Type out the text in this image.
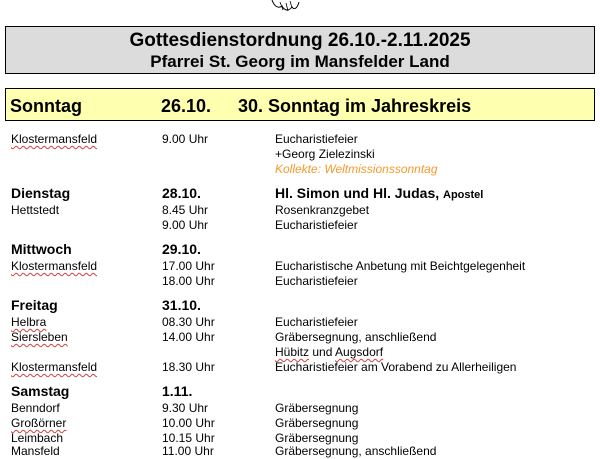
Gottesdienstordnung 26.10.-2.11.2025
Pfarrei St. Georg im Mansfelder Land
Sonntag	26.10. 30. Sonntag im Jahreskreis
Klostermansfeld	9.00 Uhr	Eucharistiefeier
+Georg Zielezinski
Kollekte: Weltmissionssonntag
Dienstag	28.10.	Hl. Simon und Hl. Judas, Apostel
Hettstedt	8.45 Uhr	Rosenkranzgebet
9.00 Uhr	Eucharistiefeier
Mittwoch	29.10.
Klostermansfeld	17.00 Uhr	Eucharistische Anbetung mit Beichtgelegenheit
18.00 Uhr	Eucharistiefeier
Freitag	31.10.
Helbra	08.30 Uhr	Eucharistiefeier
Siersleben	14.00 Uhr	Gräbersegnung, anschließend
Hübitz und Augsdorf
Klostermansfeld	18.30 Uhr	Eucharistiefeier am Vorabend zu Allerheiligen
Samstag	1.11.
Benndorf	9.30 Uhr	Gräbersegnung
Großörner	10.00 Uhr	Gräbersegnung
Leimbach	10.15 Uhr	Gräbersegnung
Mansfeld	11.00 Uhr	Gräbersegnung, anschließend
